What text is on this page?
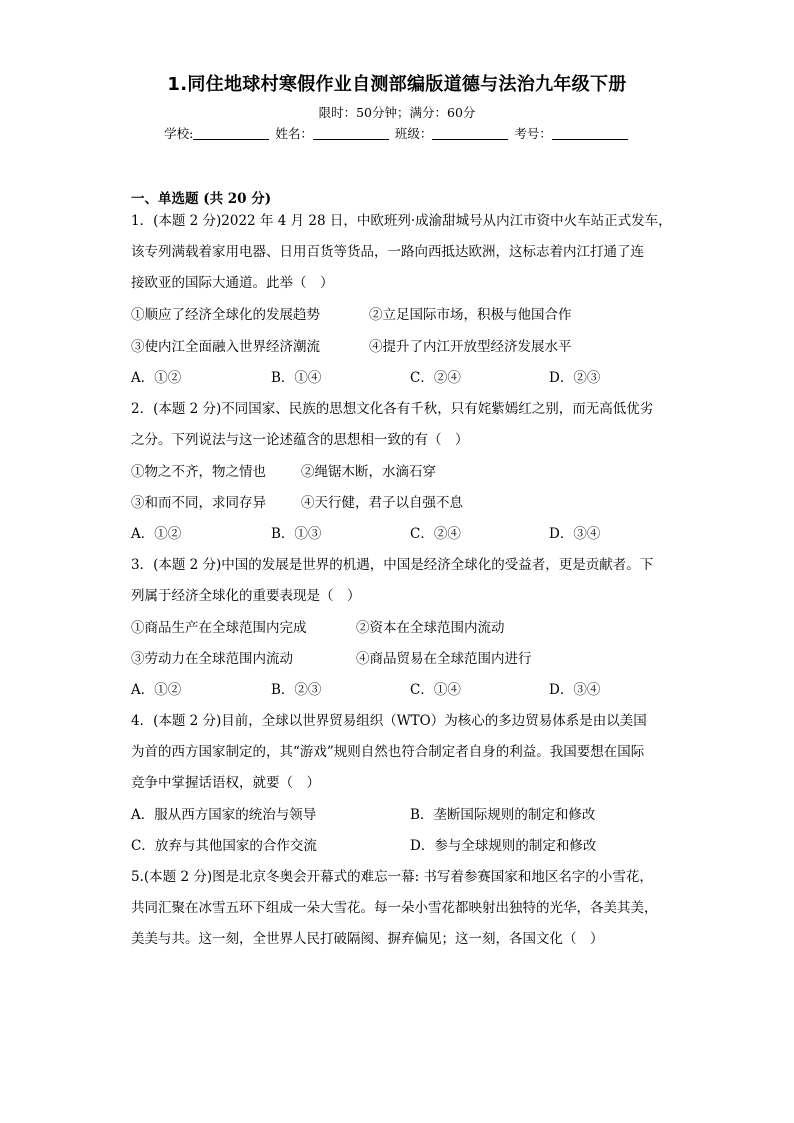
1.同住地球村寒假作业自测部编版道德与法治九年级下册
限时：50分钟；满分：60分
学校:	姓名：	班级：	考号：
一、单选题 (共 20 分)
1．(本题 2 分)2022 年 4 月 28 日，中欧班列·成渝甜城号从内江市资中火车站正式发车，
该专列满载着家用电器、日用百货等货品，一路向西抵达欧洲，这标志着内江打通了连
接欧亚的国际大通道。此举（　）
①顺应了经济全球化的发展趋势	②立足国际市场，积极与他国合作
③使内江全面融入世界经济潮流	④提升了内江开放型经济发展水平
A．①②	B．①④	C．②④	D．②③
2．(本题 2 分)不同国家、民族的思想文化各有千秋，只有姹紫嫣红之别，而无高低优劣
之分。下列说法与这一论述蕴含的思想相一致的有（　）
①物之不齐，物之情也	②绳锯木断，水滴石穿
③和而不同，求同存异	④天行健，君子以自强不息
A．①②	B．①③	C．②④	D．③④
3．(本题 2 分)中国的发展是世界的机遇，中国是经济全球化的受益者，更是贡献者。下
列属于经济全球化的重要表现是（　）
①商品生产在全球范围内完成	②资本在全球范围内流动
③劳动力在全球范围内流动	④商品贸易在全球范围内进行
A．①②	B．②③	C．①④	D．③④
4．(本题 2 分)目前，全球以世界贸易组织（WTO）为核心的多边贸易体系是由以美国
为首的西方国家制定的，其“游戏”规则自然也符合制定者自身的利益。我国要想在国际
竞争中掌握话语权，就要（　）
A．服从西方国家的统治与领导	B．垄断国际规则的制定和修改
C．放弃与其他国家的合作交流	D．参与全球规则的制定和修改
5.(本题 2 分)图是北京冬奥会开幕式的难忘一幕: 书写着参赛国家和地区名字的小雪花，
共同汇聚在冰雪五环下组成一朵大雪花。每一朵小雪花都映射出独特的光华，各美其美，
美美与共。这一刻，全世界人民打破隔阂、摒弃偏见；这一刻，各国文化（　）
